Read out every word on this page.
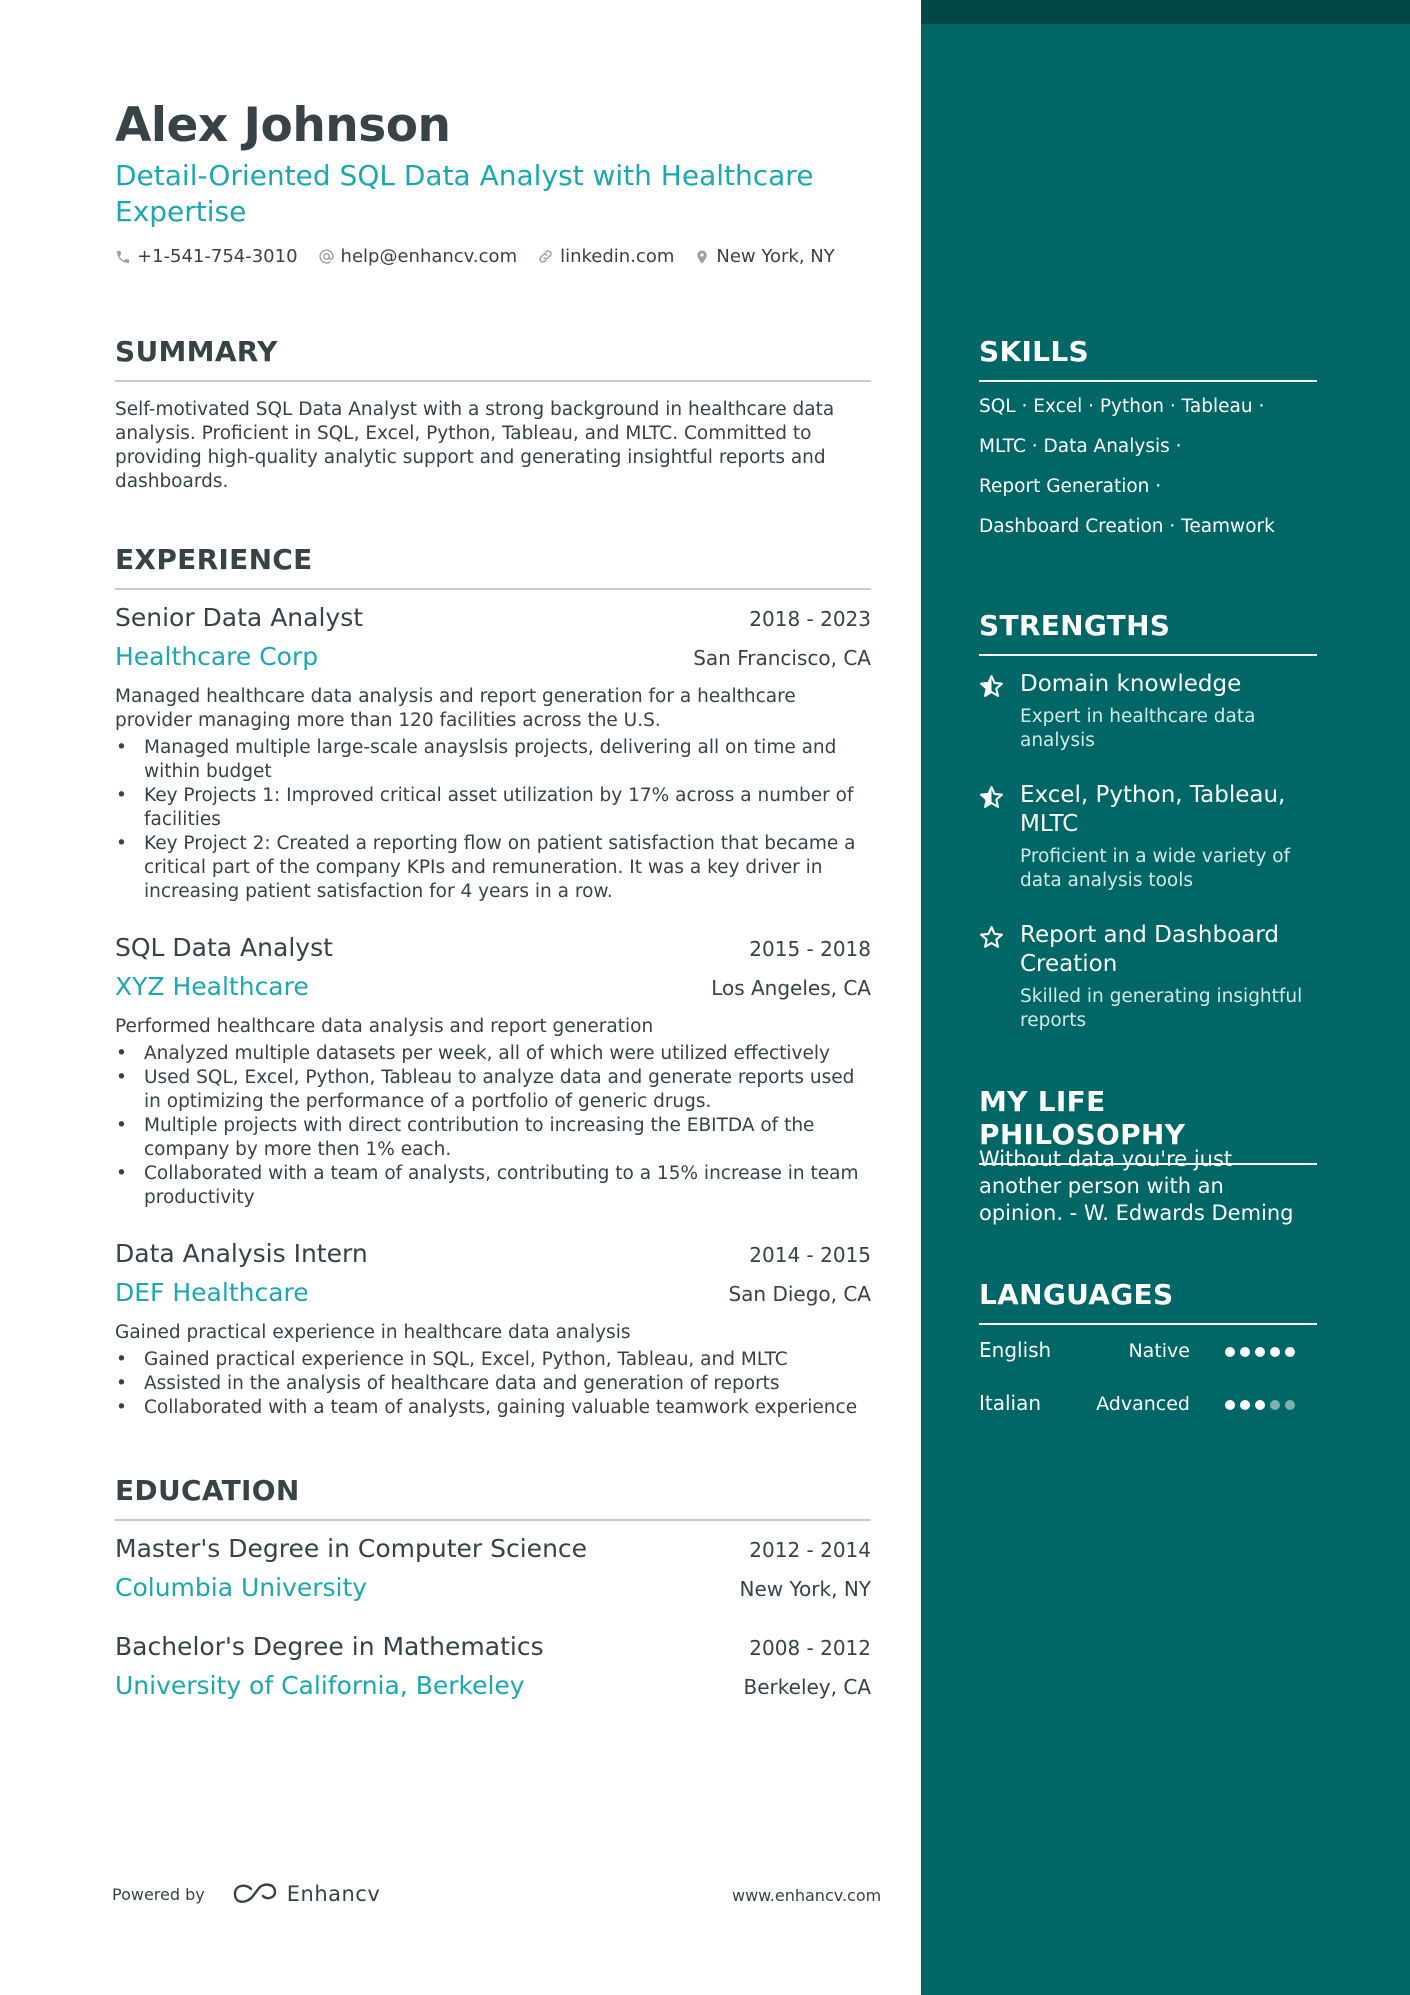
Alex Johnson
Detail-Oriented SQL Data Analyst with Healthcare Expertise
+1-541-754-3010 help@enhancv.com linkedin.com New York, NY
SUMMARY

Self-motivated SQL Data Analyst with a strong background in healthcare data analysis. Proficient in SQL, Excel, Python, Tableau, and MLTC. Committed to providing high-quality analytic support and generating insightful reports and dashboards.

EXPERIENCE
Senior Data Analyst	2018 - 2023
Healthcare Corp	San Francisco, CA

Managed healthcare data analysis and report generation for a healthcare provider managing more than 120 facilities across the U.S.

• Managed multiple large-scale anayslsis projects, delivering all on time and within budget
• Key Projects 1: Improved critical asset utilization by 17% across a number of facilities
• Key Project 2: Created a reporting flow on patient satisfaction that became a critical part of the company KPIs and remuneration. It was a key driver in increasing patient satisfaction for 4 years in a row.
SQL Data Analyst	2015 - 2018
XYZ Healthcare	Los Angeles, CA

Performed healthcare data analysis and report generation

• Analyzed multiple datasets per week, all of which were utilized effectively
• Used SQL, Excel, Python, Tableau to analyze data and generate reports used in optimizing the performance of a portfolio of generic drugs.
• Multiple projects with direct contribution to increasing the EBITDA of the company by more then 1% each.
• Collaborated with a team of analysts, contributing to a 15% increase in team productivity
Data Analysis Intern	2014 - 2015
DEF Healthcare	San Diego, CA

Gained practical experience in healthcare data analysis

• Gained practical experience in SQL, Excel, Python, Tableau, and MLTC
• Assisted in the analysis of healthcare data and generation of reports
• Collaborated with a team of analysts, gaining valuable teamwork experience
EDUCATION
Master's Degree in Computer Science	2012 - 2014
Columbia University	New York, NY
Bachelor's Degree in Mathematics	2008 - 2012
University of California, Berkeley	Berkeley, CA
Powered by	Enhancv	www.enhancv.com
SKILLS
STRENGTHS
MY LIFE PHILOSOPHY
LANGUAGES
SQL · Excel · Python · Tableau ·
MLTC · Data Analysis ·
Report Generation ·
Dashboard Creation · Teamwork
Domain knowledge
Expert in healthcare data analysis
Excel, Python, Tableau, MLTC
Proficient in a wide variety of data analysis tools
Report and Dashboard Creation
Skilled in generating insightful reports

Without data you're just another person with an opinion. - W. Edwards Deming

English	Native
Italian	Advanced
